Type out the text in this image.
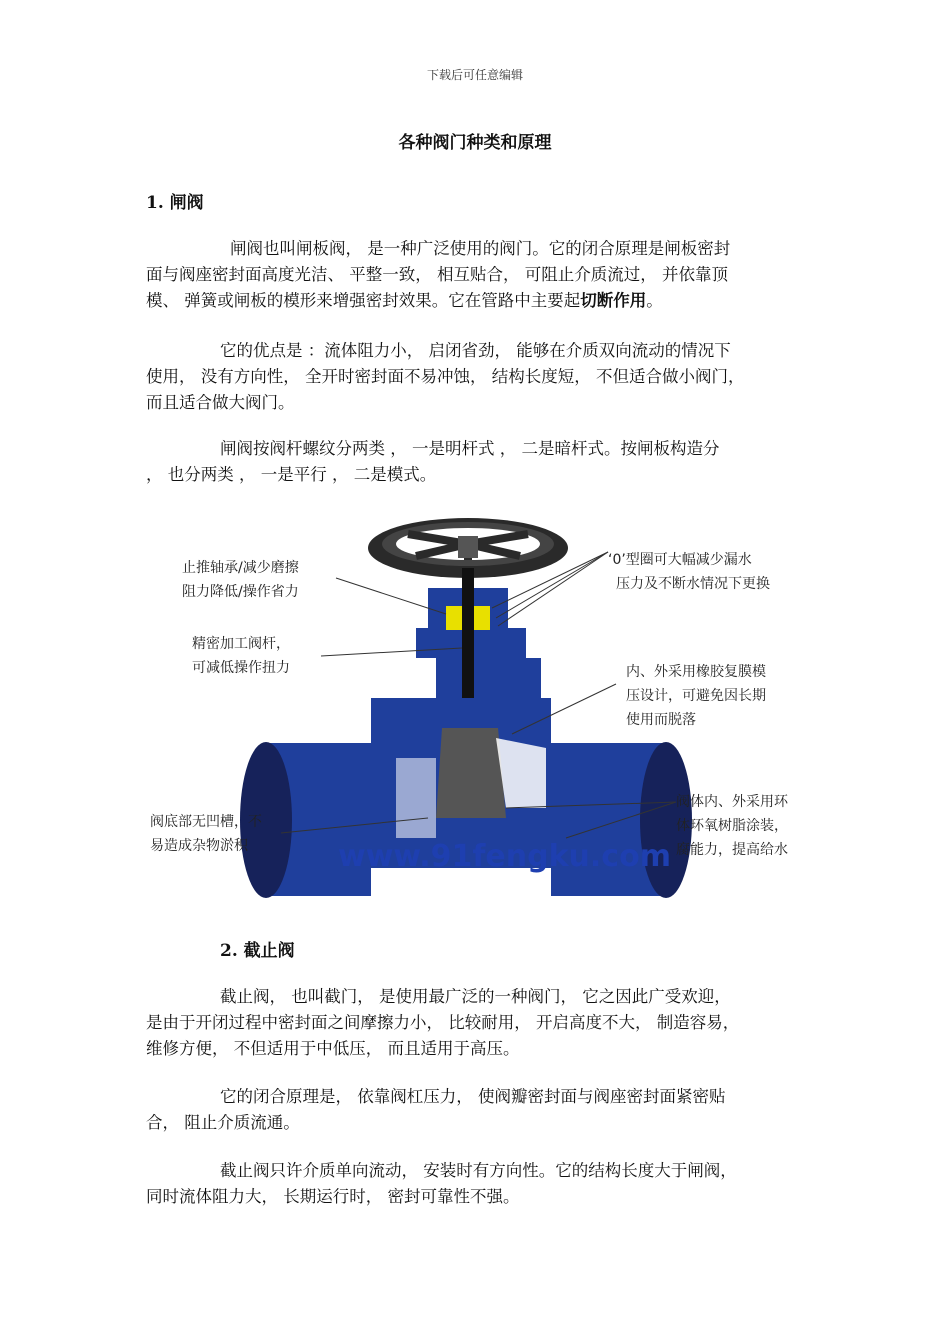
下载后可任意编辑
各种阀门种类和原理
1. 闸阀
闸阀也叫闸板阀， 是一种广泛使用的阀门。它的闭合原理是闸板密封
面与阀座密封面高度光洁、 平整一致， 相互贴合， 可阻止介质流过， 并依靠顶
模、 弹簧或闸板的模形来增强密封效果。它在管路中主要起切断作用。
它的优点是 ：流体阻力小， 启闭省劲， 能够在介质双向流动的情况下
使用， 没有方向性， 全开时密封面不易冲蚀， 结构长度短， 不但适合做小阀门，
而且适合做大阀门。
闸阀按阀杆螺纹分两类 ， 一是明杆式 ， 二是暗杆式。按闸板构造分
， 也分两类 ， 一是平行 ， 二是模式。
止推轴承/减少磨擦
阻力降低/操作省力
精密加工阀杆，
可减低操作扭力
阀底部无凹槽，不
易造成杂物淤积
‘0’型圈可大幅减少漏水
压力及不断水情况下更换
内、外采用橡胶复膜模
压设计，可避免因长期
使用而脱落
阀体内、外采用环
体环氧树脂涂装，
腐能力，提高给水
www.91fengku.com
2. 截止阀
截止阀， 也叫截门， 是使用最广泛的一种阀门， 它之因此广受欢迎，
是由于开闭过程中密封面之间摩擦力小， 比较耐用， 开启高度不大， 制造容易，
维修方便， 不但适用于中低压， 而且适用于高压。
它的闭合原理是， 依靠阀杠压力， 使阀瓣密封面与阀座密封面紧密贴
合， 阻止介质流通。
截止阀只许介质单向流动， 安装时有方向性。它的结构长度大于闸阀，
同时流体阻力大， 长期运行时， 密封可靠性不强。
